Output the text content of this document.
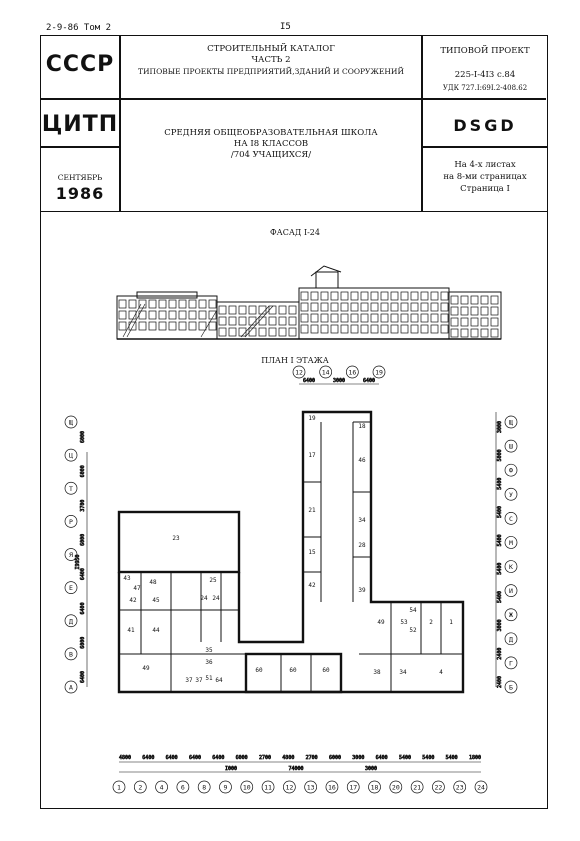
2-9-86 Том 2	I5
СССР
ЦИТП
СЕНТЯБРЬ
1986
СТРОИТЕЛЬНЫЙ КАТАЛОГ
ЧАСТЬ 2
ТИПОВЫЕ ПРОЕКТЫ ПРЕДПРИЯТИЙ,ЗДАНИЙ И СООРУЖЕНИЙ
СРЕДНЯЯ ОБЩЕОБРАЗОВАТЕЛЬНАЯ ШКОЛА
НА I8 КЛАССОВ
/704 УЧАЩИХСЯ/
ТИПОВОЙ ПРОЕКТ
225-I-4I3 с.84
УДК 727.I:69I.2-408.62
DSGD
На 4-х листах
на 8-ми страницах
Страница I
ФАСАД I-24
ПЛАН I ЭТАЖА
1	2	4	6	8	9 10 11 12 13 16 17 18 20 21 22 23 24
12	14	16	19
Щ
Ц
Т
Р
Я
Е
Д
В
А
Щ
Ш
Ф
У
С
М
К
И
Ж
Д
Г
Б
4800 6400 6400 6400 6400 6000 2700 4800 2700 6000 3000 6400 5400 5400 5400 1800
I000	74000	3000
6400	3000	6400
6000
6000
3700
6000
6400
6400
6000
6400
I9950
3000
5000
5400
5400
5400
5400
5400
3000
2400
2400
23
43
47
48	25
42	45	24 24
41	44
49
35
36
51
37 37 64
60	60	60
19
17
21
15
42
18
46
34
28
39
49	53
52
2	1
38	34	4
54
